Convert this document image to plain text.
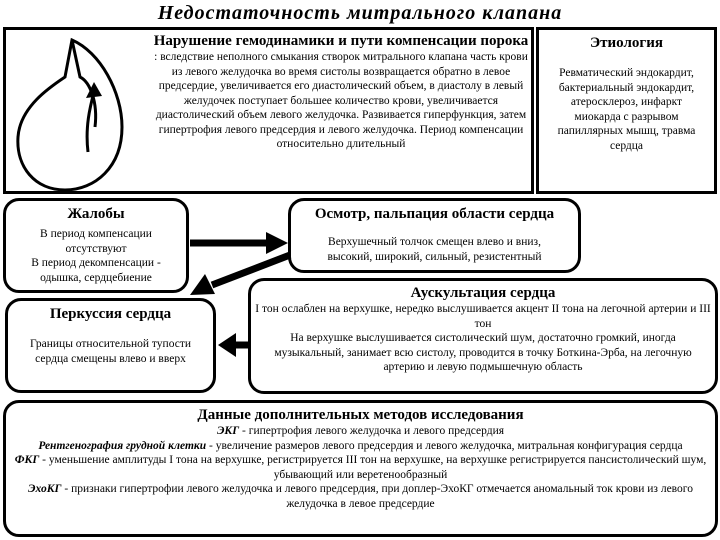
Недостаточность митрального клапана
Нарушение гемодинамики и пути компенсации порока : вследствие неполного смыкания створок митрального клапана часть крови из левого желудочка во время систолы возвращается обратно в левое предсердие, увеличивается его диастолический объем, в диастолу в левый желудочек поступает большее количество крови, увеличивается диастолический объем левого желудочка. Развивается гиперфункция, затем гипертрофия левого предсердия и левого желудочка. Период компенсации относительно длительный
Этиология
Ревматический эндокардит, бактериальный эндокардит, атеросклероз, инфаркт миокарда с разрывом папиллярных мышц, травма сердца
Жалобы
В период компенсации отсутствуют
В период декомпенсации - одышка, сердцебиение
Осмотр, пальпация области сердца
Верхушечный толчок смещен влево и вниз, высокий, широкий, сильный, резистентный
Перкуссия сердца
Границы относительной тупости сердца смещены влево и вверх
Аускультация сердца
I тон ослаблен на верхушке, нередко выслушивается акцент II тона на легочной артерии и III тон
На верхушке выслушивается систолический шум, достаточно громкий, иногда музыкальный, занимает всю систолу, проводится в точку Боткина-Эрба, на легочную артерию и левую подмышечную область
Данные дополнительных методов исследования
ЭКГ - гипертрофия левого желудочка и левого предсердия
Рентгенография грудной клетки - увеличение размеров левого предсердия и левого желудочка, митральная конфигурация сердца
ФКГ - уменьшение амплитуды I тона на верхушке, регистрируется III тон на верхушке, на верхушке регистрируется пансистолический шум, убывающий или веретенообразный
ЭхоКГ - признаки гипертрофии левого желудочка и левого предсердия, при доплер-ЭхоКГ отмечается аномальный ток крови из левого желудочка в левое предсердие
